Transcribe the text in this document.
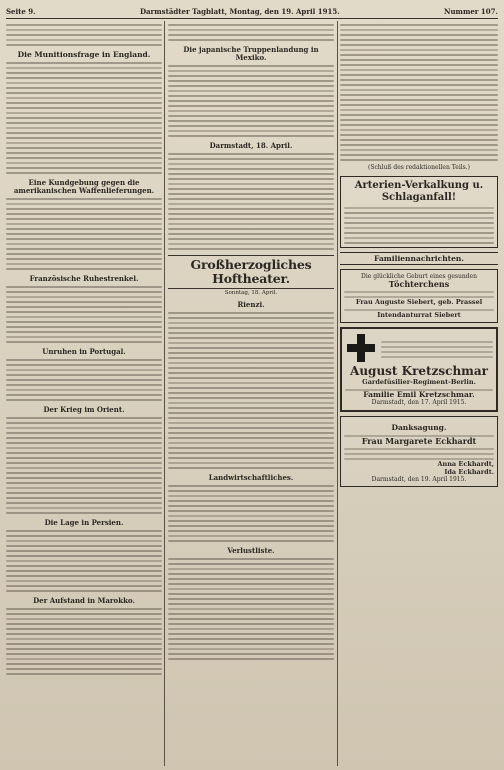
Seite 9.	Darmstädter Tagblatt, Montag, den 19. April 1915.	Nummer 107.
Die Munitionsfrage in England.
Eine Kundgebung gegen die amerikanischen Waffenlieferungen.
Französische Ruhestrenkel.
Unruhen in Portugal.
Der Krieg im Orient.
Die Lage in Persien.
Der Aufstand in Marokko.
Die japanische Truppenlandung in Mexiko.
Darmstadt, 18. April.
Großherzogliches Hoftheater.
Sonntag, 18. April.
Rienzi.
Landwirtschaftliches.
Verlustliste.
(Schluß des redaktionellen Teils.)
Arterien-Verkalkung u. Schlaganfall!
Familiennachrichten.
Die glückliche Geburt eines gesunden
Töchterchens
Frau Auguste Siebert, geb. Prassel
Intendanturrat Siebert
August Kretzschmar
Gardefüsilier-Regiment-Berlin.
Familie Emil Kretzschmar.
Darmstadt, den 17. April 1915.
Danksagung.
Frau Margarete Eckhardt
Anna Eckhardt,
Ida Eckhardt.
Darmstadt, den 19. April 1915.
